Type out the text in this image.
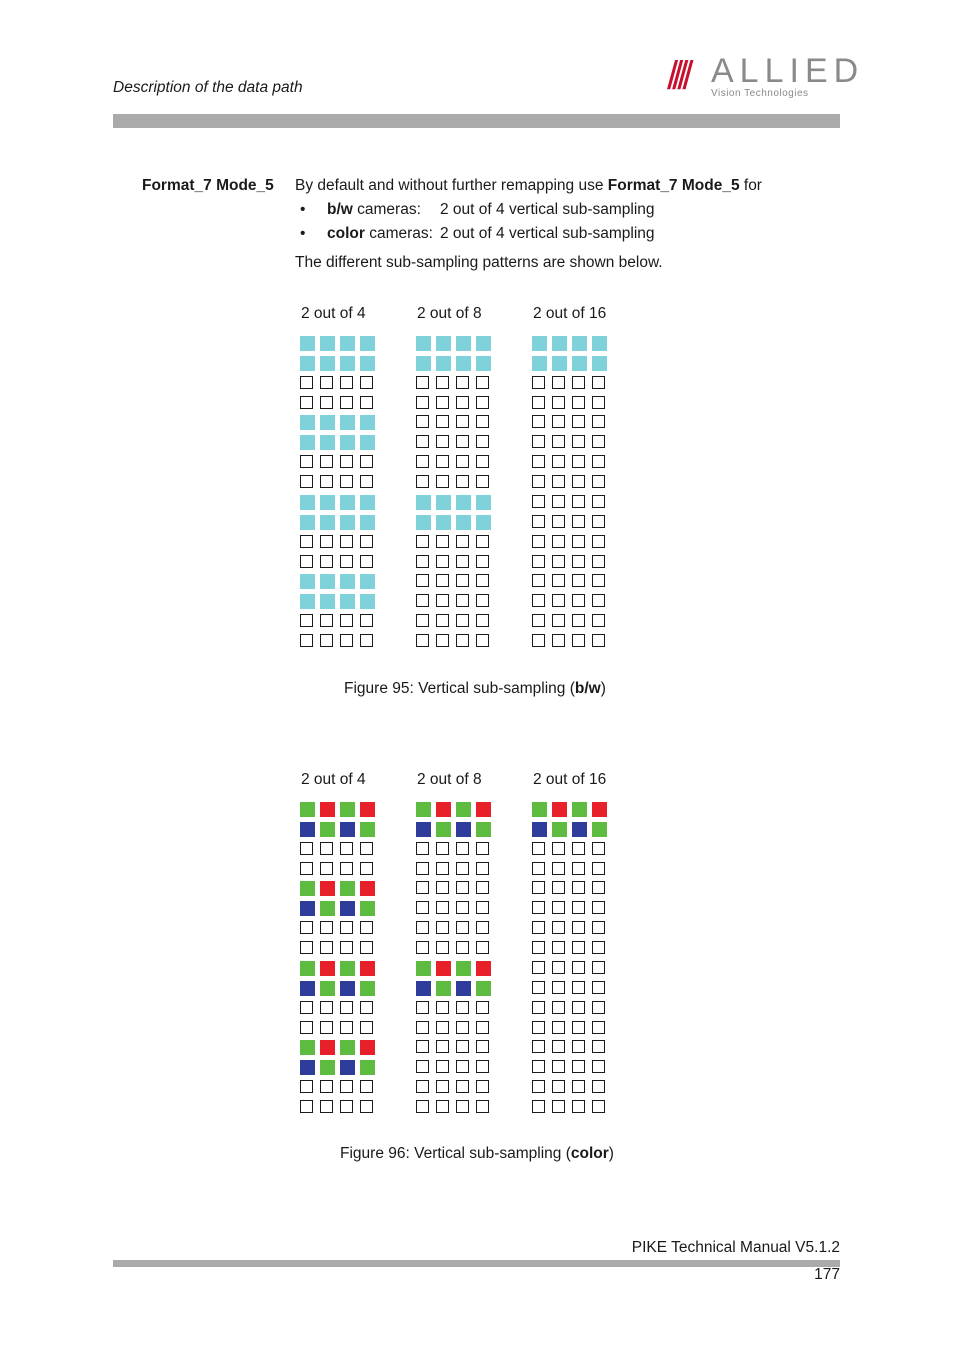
Description of the data path	//// ALLIED
Vision Technologies
Format_7 Mode_5 By default and without further remapping use Format_7 Mode_5 for
• b/w cameras: 2 out of 4 vertical sub-sampling
• color cameras: 2 out of 4 vertical sub-sampling
The different sub-sampling patterns are shown below.
2 out of 4	2 out of 8	2 out of 16
Figure 95: Vertical sub-sampling (b/w)
2 out of 4	2 out of 8	2 out of 16
Figure 96: Vertical sub-sampling (color)
PIKE Technical Manual V5.1.2
177
